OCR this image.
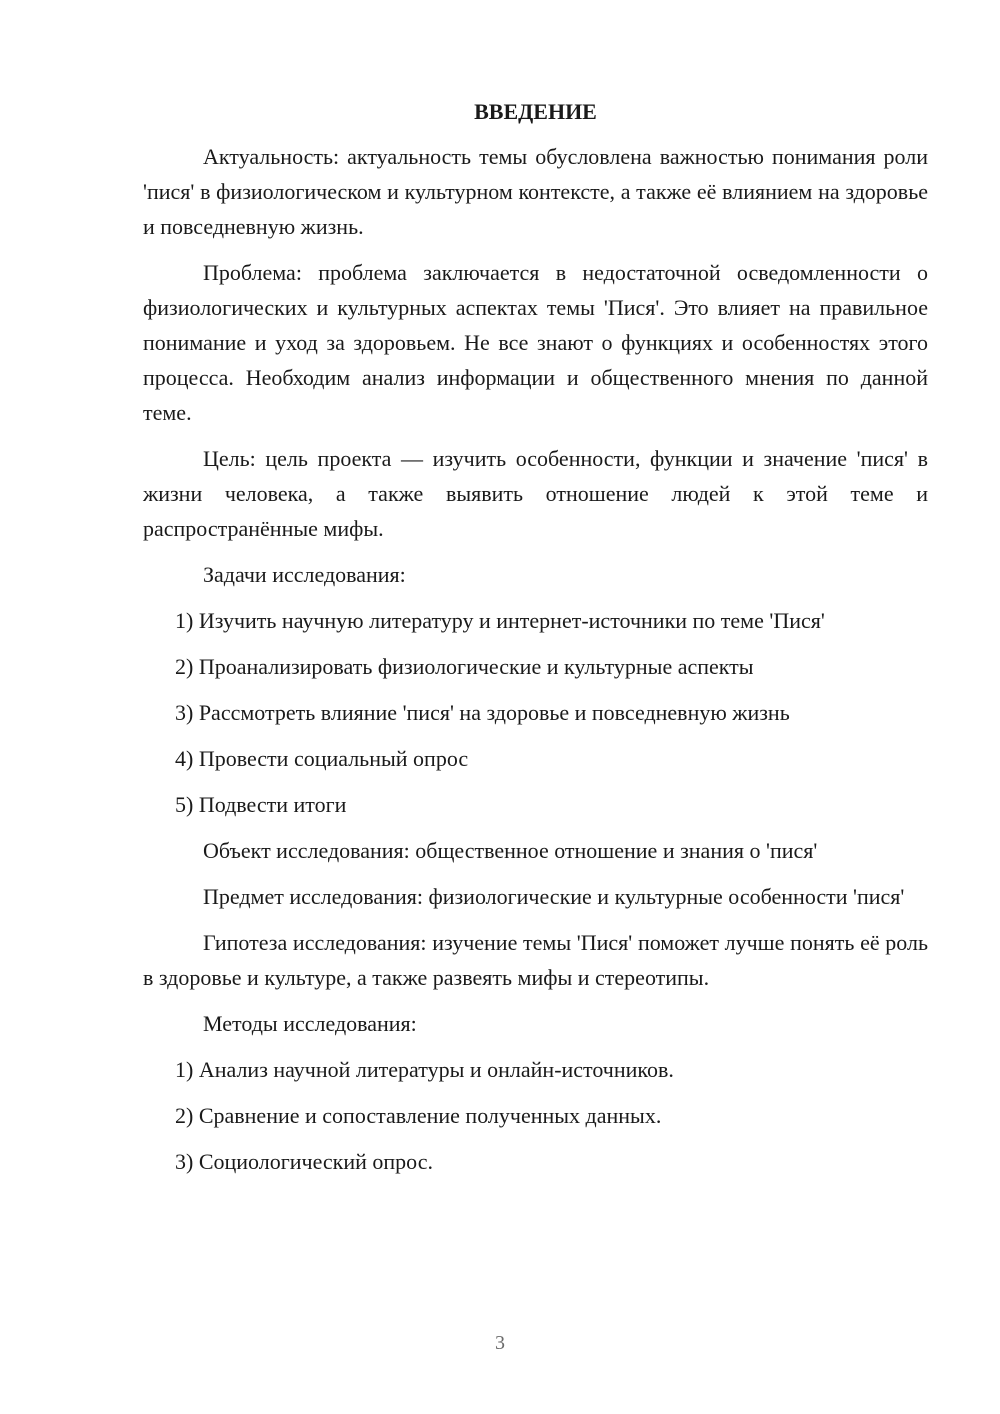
ВВЕДЕНИЕ

Актуальность: актуальность темы обусловлена важностью понимания роли 'пися' в физиологическом и культурном контексте, а также её влиянием на здоровье и повседневную жизнь.

Проблема: проблема заключается в недостаточной осведомленности о физиологических и культурных аспектах темы 'Пися'. Это влияет на правильное понимание и уход за здоровьем. Не все знают о функциях и особенностях этого процесса. Необходим анализ информации и общественного мнения по данной теме.

Цель: цель проекта — изучить особенности, функции и значение 'пися' в жизни человека, а также выявить отношение людей к этой теме и распространённые мифы.

Задачи исследования:

1) Изучить научную литературу и интернет-источники по теме 'Пися'
2) Проанализировать физиологические и культурные аспекты
3) Рассмотреть влияние 'пися' на здоровье и повседневную жизнь
4) Провести социальный опрос
5) Подвести итоги

Объект исследования: общественное отношение и знания о 'пися'

Предмет исследования: физиологические и культурные особенности 'пися'

Гипотеза исследования: изучение темы 'Пися' поможет лучше понять её роль в здоровье и культуре, а также развеять мифы и стереотипы.

Методы исследования:

1) Анализ научной литературы и онлайн-источников.
2) Сравнение и сопоставление полученных данных.
3) Социологический опрос.
3
